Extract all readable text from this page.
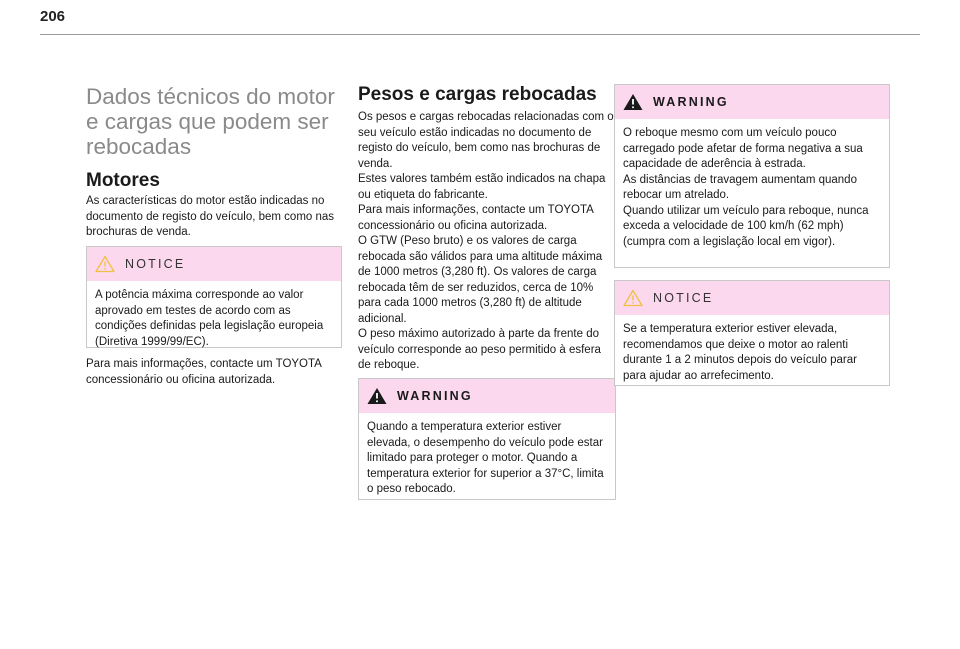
206
Dados técnicos do motor e cargas que podem ser rebocadas
Motores

As características do motor estão indicadas no documento de registo do veículo, bem como nas brochuras de venda.

NOTICE
A potência máxima corresponde ao valor aprovado em testes de acordo com as condições definidas pela legislação europeia (Diretiva 1999/99/EC).

Para mais informações, contacte um TOYOTA concessionário ou oficina autorizada.

Pesos e cargas rebocadas

Os pesos e cargas rebocadas relacionadas com o seu veículo estão indicadas no documento de registo do veículo, bem como nas brochuras de venda.
Estes valores também estão indicados na chapa ou etiqueta do fabricante.
Para mais informações, contacte um TOYOTA concessionário ou oficina autorizada.
O GTW (Peso bruto) e os valores de carga rebocada são válidos para uma altitude máxima de 1000 metros (3,280 ft). Os valores de carga rebocada têm de ser reduzidos, cerca de 10% para cada 1000 metros (3,280 ft) de altitude adicional.
O peso máximo autorizado à parte da frente do veículo corresponde ao peso permitido à esfera de reboque.

WARNING
Quando a temperatura exterior estiver elevada, o desempenho do veículo pode estar limitado para proteger o motor. Quando a temperatura exterior for superior a 37°C, limita o peso rebocado.
WARNING
O reboque mesmo com um veículo pouco carregado pode afetar de forma negativa a sua capacidade de aderência à estrada.
As distâncias de travagem aumentam quando rebocar um atrelado.
Quando utilizar um veículo para reboque, nunca exceda a velocidade de 100 km/h (62 mph) (cumpra com a legislação local em vigor).
NOTICE
Se a temperatura exterior estiver elevada, recomendamos que deixe o motor ao ralenti durante 1 a 2 minutos depois do veículo parar para ajudar ao arrefecimento.
